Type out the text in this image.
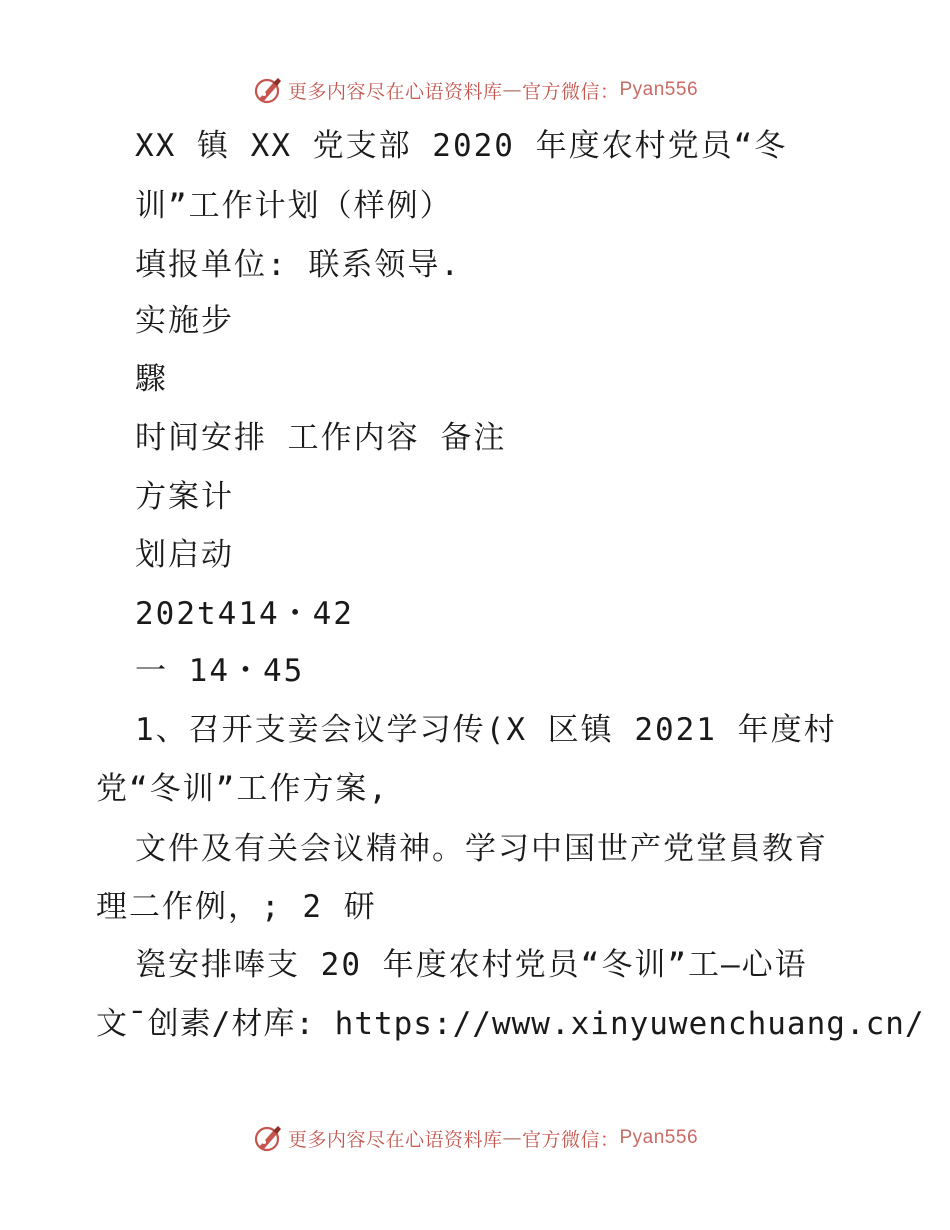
更多内容尽在心语资料库 — 官方微信： Pyan556
XX 镇 XX 党支部 2020 年度农村党员“冬
训”工作计划（样例）
填报单位: 联系领导.
实施步
驟
时间安排 工作内容 备注
方案计
划启动
202t414・42
一 14・45
1、召开支妾会议学习传(X 区镇 2021 年度村
党“冬训”工作方案,
文件及有关会议精神。学习中国世产党堂員教育
理二作例，; 2 研
瓷安排唪支 20 年度农村党员“冬训”工—心语
文¯创素/材库: https://www.xinyuwenchuang.cn/
更多内容尽在心语资料库 — 官方微信： Pyan556
